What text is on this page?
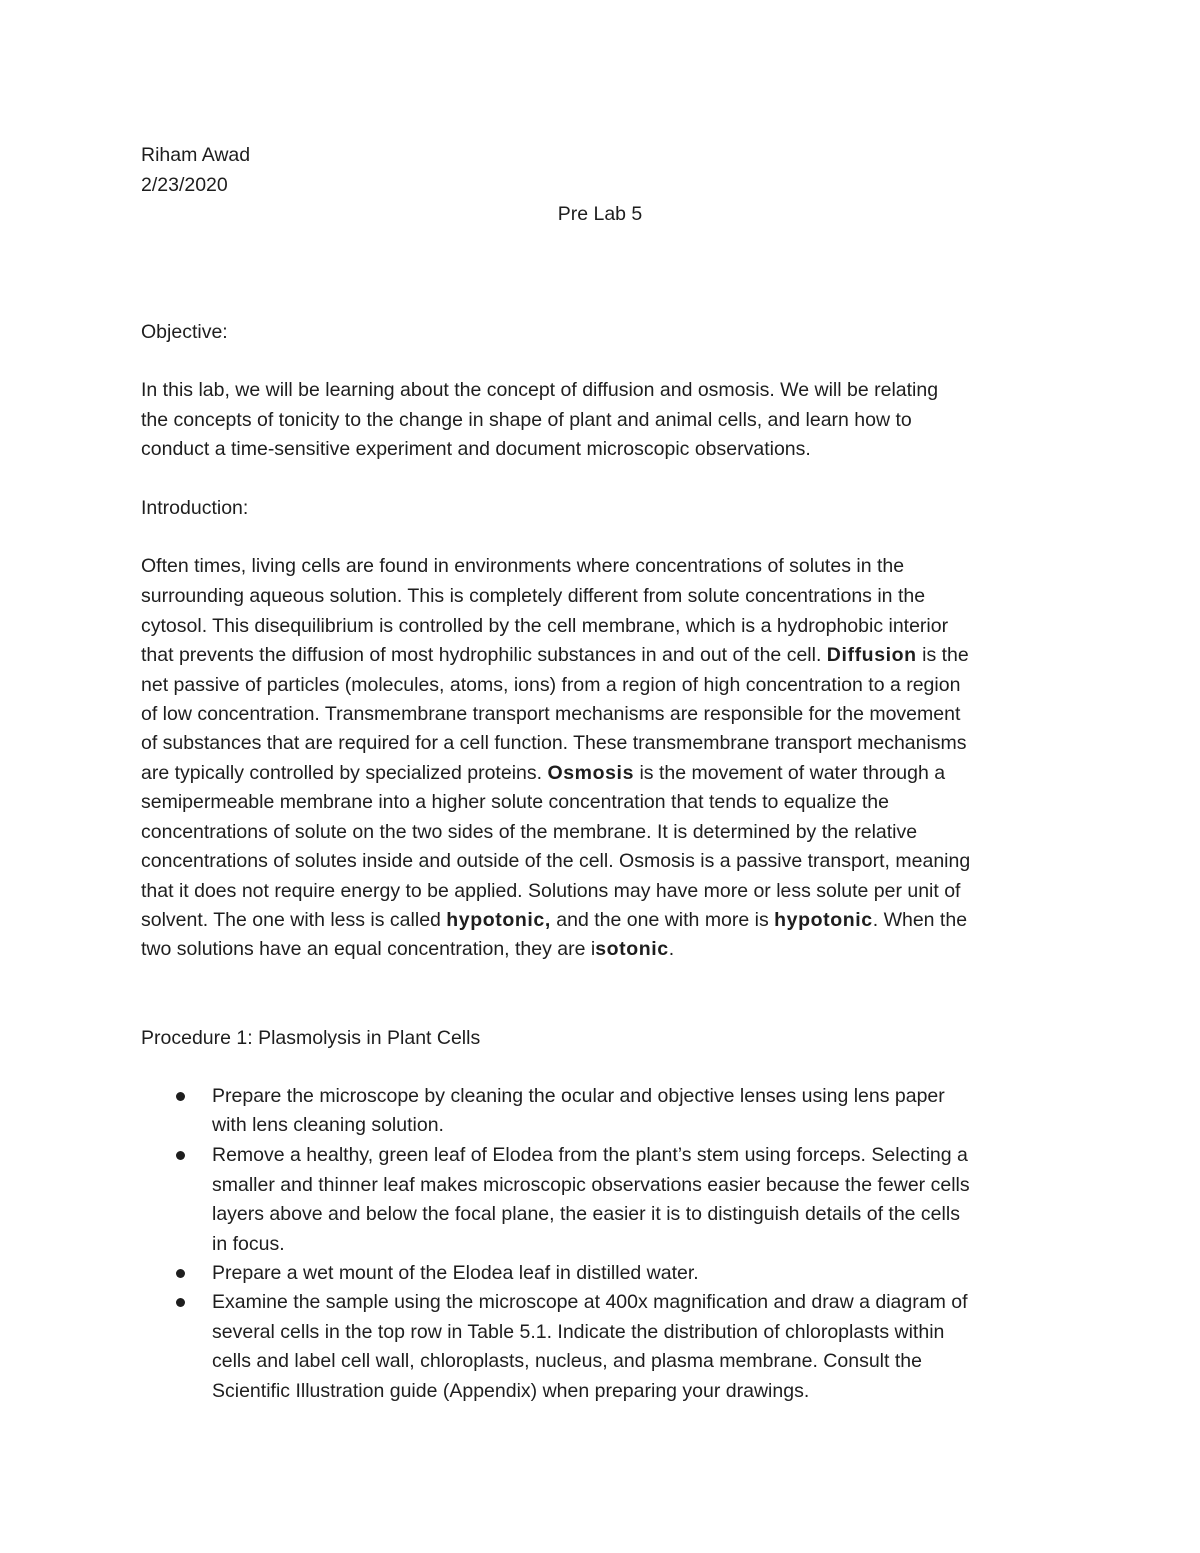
Riham Awad

2/23/2020

Pre Lab 5

Objective:

In this lab, we will be learning about the concept of diffusion and osmosis. We will be relating

the concepts of tonicity to the change in shape of plant and animal cells, and learn how to

conduct a time-sensitive experiment and document microscopic observations.

Introduction:

Often times, living cells are found in environments where concentrations of solutes in the

surrounding aqueous solution. This is completely different from solute concentrations in the

cytosol. This disequilibrium is controlled by the cell membrane, which is a hydrophobic interior

that prevents the diffusion of most hydrophilic substances in and out of the cell. Diffusion is the

net passive of particles (molecules, atoms, ions) from a region of high concentration to a region

of low concentration. Transmembrane transport mechanisms are responsible for the movement

of substances that are required for a cell function. These transmembrane transport mechanisms

are typically controlled by specialized proteins. Osmosis is the movement of water through a

semipermeable membrane into a higher solute concentration that tends to equalize the

concentrations of solute on the two sides of the membrane. It is determined by the relative

concentrations of solutes inside and outside of the cell. Osmosis is a passive transport, meaning

that it does not require energy to be applied. Solutions may have more or less solute per unit of

solvent. The one with less is called hypotonic, and the one with more is hypotonic. When the

two solutions have an equal concentration, they are isotonic.

Procedure 1: Plasmolysis in Plant Cells

Prepare the microscope by cleaning the ocular and objective lenses using lens paper

with lens cleaning solution.

Remove a healthy, green leaf of Elodea from the plant’s stem using forceps. Selecting a

smaller and thinner leaf makes microscopic observations easier because the fewer cells

layers above and below the focal plane, the easier it is to distinguish details of the cells

in focus.

Prepare a wet mount of the Elodea leaf in distilled water.

Examine the sample using the microscope at 400x magnification and draw a diagram of

several cells in the top row in Table 5.1. Indicate the distribution of chloroplasts within

cells and label cell wall, chloroplasts, nucleus, and plasma membrane. Consult the

Scientific Illustration guide (Appendix) when preparing your drawings.
